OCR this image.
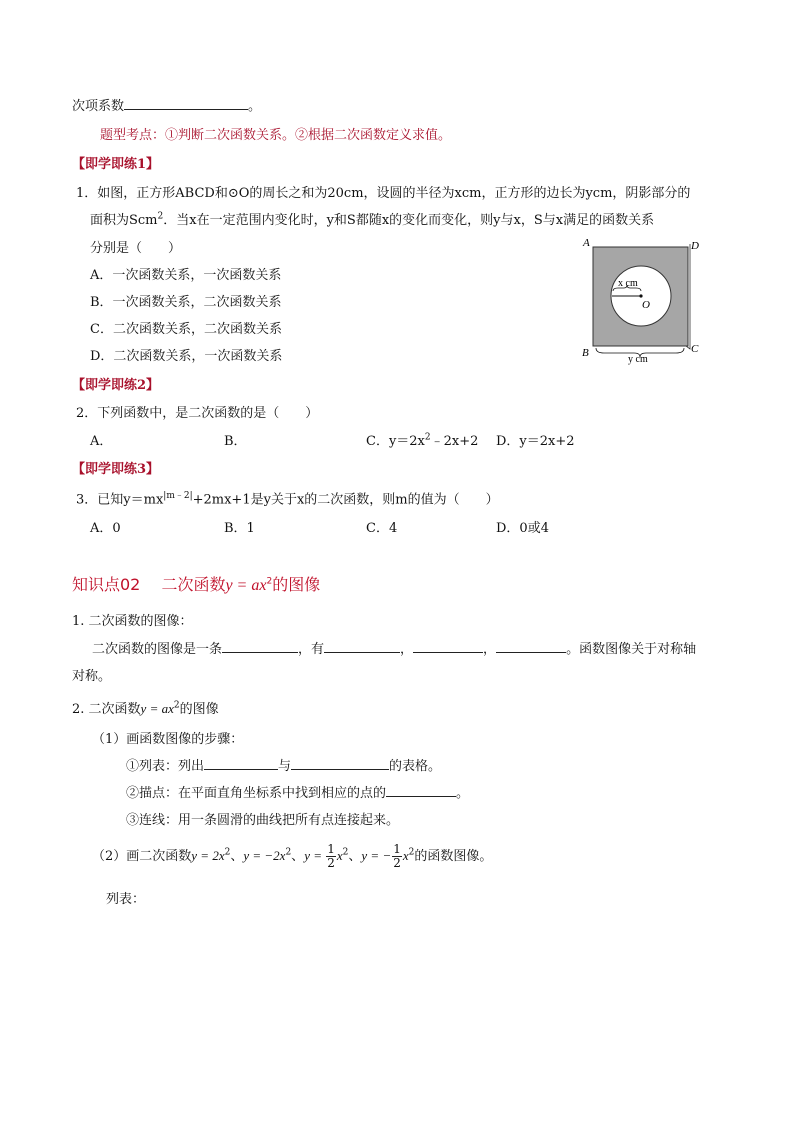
次项系数	。
题型考点：①判断二次函数关系。②根据二次函数定义求值。
【即学即练1】
1．如图，正方形ABCD和⊙O的周长之和为20cm，设圆的半径为xcm，正方形的边长为ycm，阴影部分的
面积为Scm$^2$．当x在一定范围内变化时，y和S都随x的变化而变化，则y与x，S与x满足的函数关系
分别是（　　）
A．一次函数关系，一次函数关系
B．一次函数关系，二次函数关系
C．二次函数关系，二次函数关系
D．二次函数关系，一次函数关系
x cm
O
A	D
B	C
y cm
【即学即练2】
2．下列函数中，是二次函数的是（　　）
A．	B．	C．$y=2x^2﹣2x+2$ D．y＝2x+2
【即学即练3】
3．已知$y=mx^{|m﹣2|}+2mx+1$是y关于x的二次函数，则m的值为（　　）
A．0	B．1	C．4	D．0或4
知识点02　 二次函数$y = ax^2$的图像
1. 二次函数的图像：
二次函数的图像是一条	，有	，	，	。函数图像关于对称轴
对称。
2. 二次函数$y = ax^2$的图像
（1）画函数图像的步骤：
①列表：列出	与	的表格。
②描点：在平面直角坐标系中找到相应的点的	。
③连线：用一条圆滑的曲线把所有点连接起来。
（2）画二次函数$y = 2x^2$、$y = -2x^2$、$y = \frac{1}{2} x^2$、y = − $\frac{1}{2} x^2$的函数图像。
列表：
